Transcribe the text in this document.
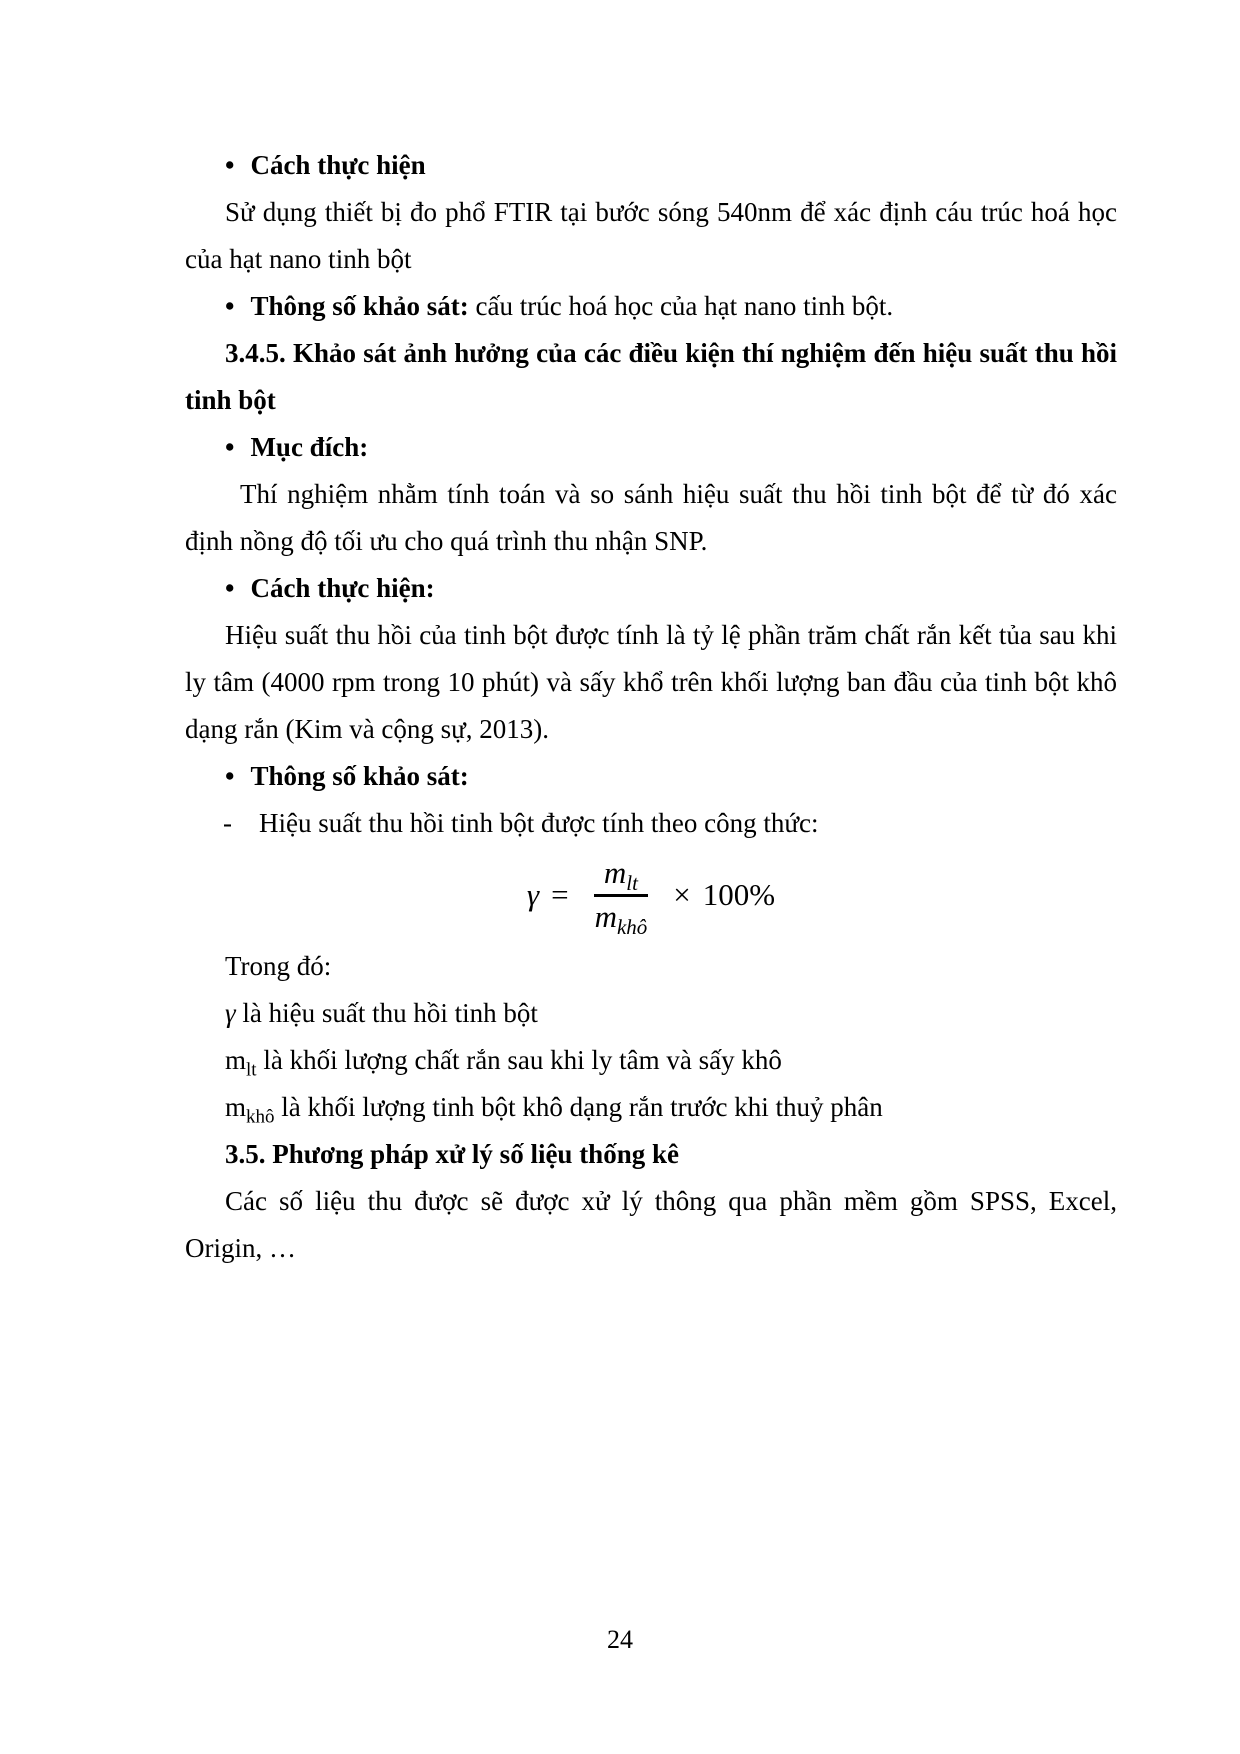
• Cách thực hiện

Sử dụng thiết bị đo phổ FTIR tại bước sóng 540nm để xác định cáu trúc hoá học của hạt nano tinh bột

• Thông số khảo sát: cấu trúc hoá học của hạt nano tinh bột.

3.4.5. Khảo sát ảnh hưởng của các điều kiện thí nghiệm đến hiệu suất thu hồi tinh bột

• Mục đích:

Thí nghiệm nhằm tính toán và so sánh hiệu suất thu hồi tinh bột để từ đó xác định nồng độ tối ưu cho quá trình thu nhận SNP.

• Cách thực hiện:

Hiệu suất thu hồi của tinh bột được tính là tỷ lệ phần trăm chất rắn kết tủa sau khi ly tâm (4000 rpm trong 10 phút) và sấy khổ trên khối lượng ban đầu của tinh bột khô dạng rắn (Kim và cộng sự, 2013).

• Thông số khảo sát:

- Hiệu suất thu hồi tinh bột được tính theo công thức:

$\gamma = \frac{m_{lt}}{m_{khô}} \times 100\%$

Trong đó:

γ là hiệu suất thu hồi tinh bột

$m_{lt}$ là khối lượng chất rắn sau khi ly tâm và sấy khô

$m_{khô}$ là khối lượng tinh bột khô dạng rắn trước khi thuỷ phân

3.5. Phương pháp xử lý số liệu thống kê

Các số liệu thu được sẽ được xử lý thông qua phần mềm gồm SPSS, Excel, Origin, …

24
